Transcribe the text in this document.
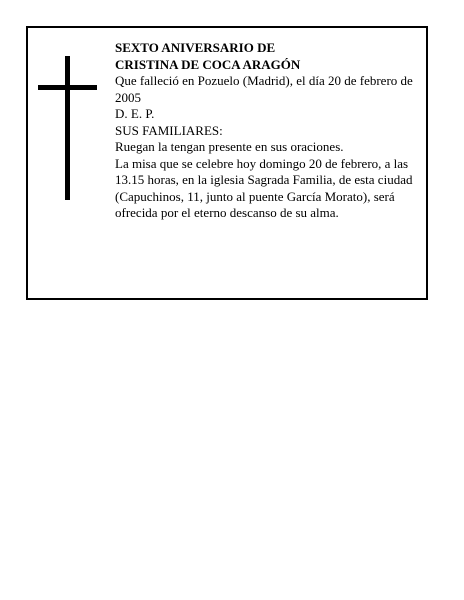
SEXTO ANIVERSARIO DE
CRISTINA DE COCA ARAGÓN
Que falleció en Pozuelo (Madrid), el día 20 de febrero de 2005
D. E. P.
SUS FAMILIARES:
Ruegan la tengan presente en sus oraciones.
La misa que se celebre hoy domingo 20 de febrero, a las 13.15 horas, en la iglesia Sagrada Familia, de esta ciudad (Capuchinos, 11, junto al puente García Morato), será ofrecida por el eterno descanso de su alma.
